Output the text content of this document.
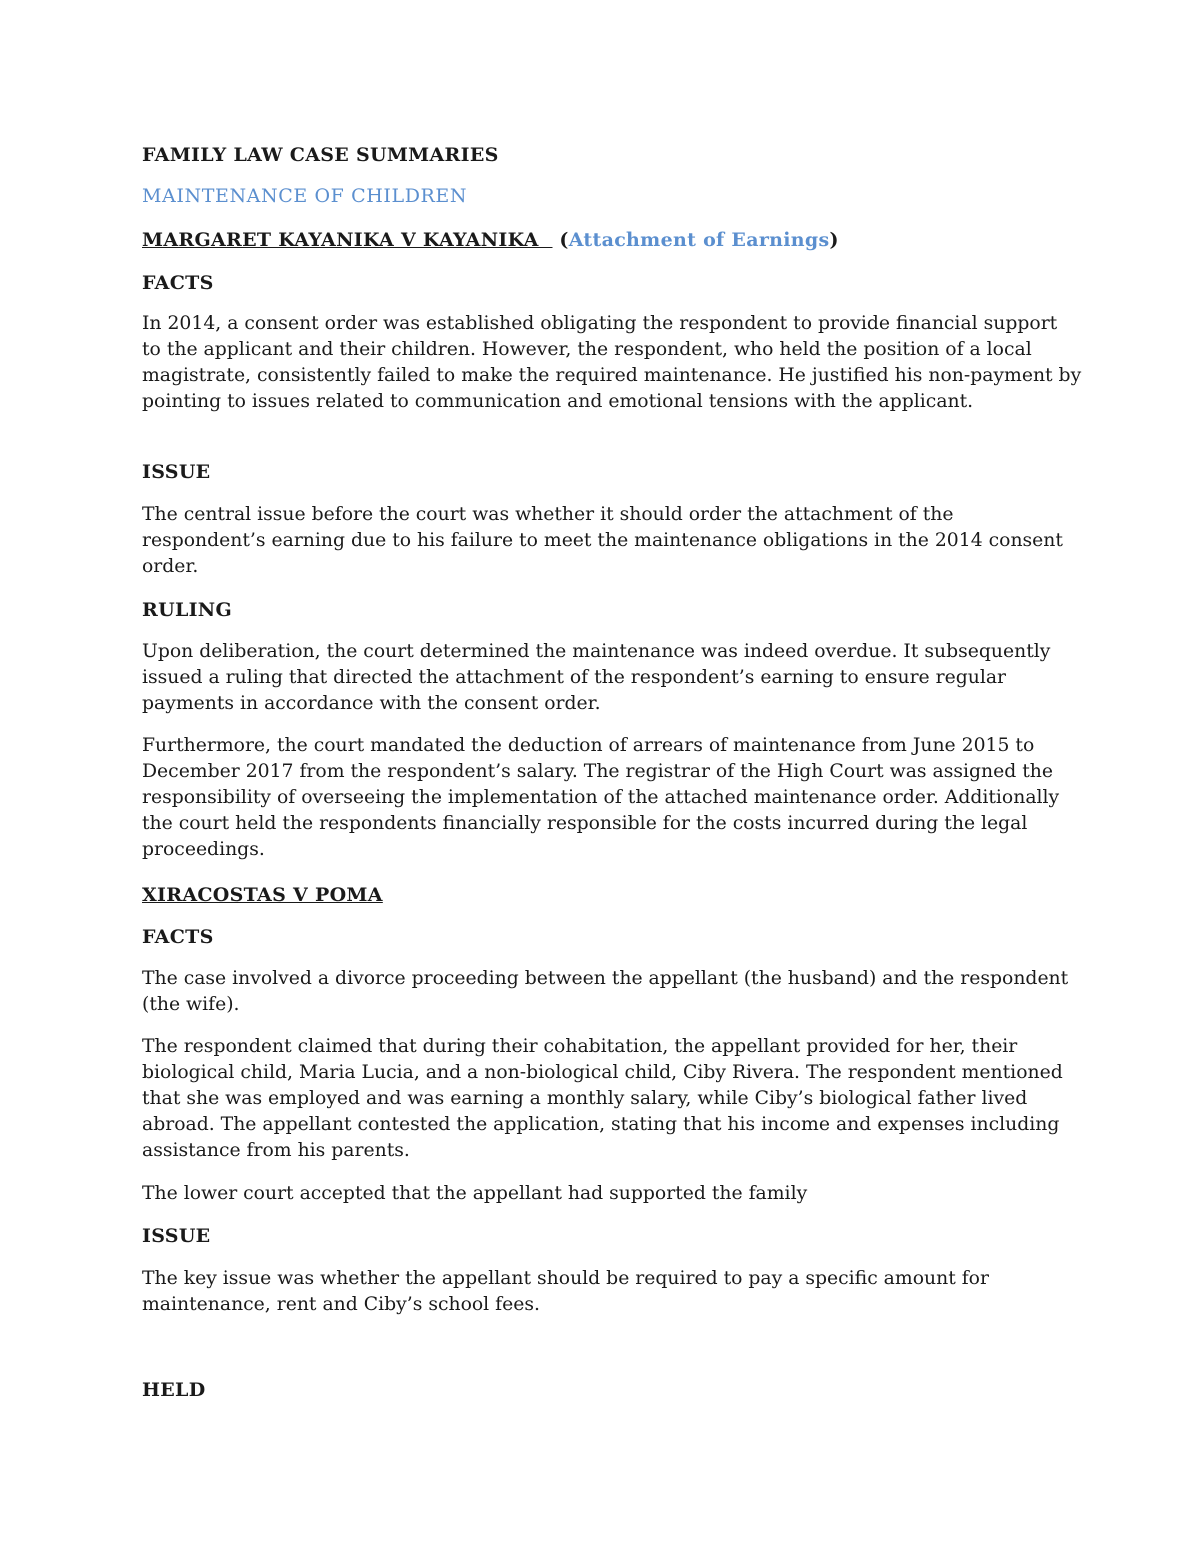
FAMILY LAW CASE SUMMARIES
MAINTENANCE OF CHILDREN
MARGARET KAYANIKA V KAYANIKA   (Attachment of Earnings)
FACTS

In 2014, a consent order was established obligating the respondent to provide financial support to the applicant and their children. However, the respondent, who held the position of a local magistrate, consistently failed to make the required maintenance. He justified his non-payment by pointing to issues related to communication and emotional tensions with the applicant.

ISSUE

The central issue before the court was whether it should order the attachment of the respondent’s earning due to his failure to meet the maintenance obligations in the 2014 consent order.

RULING

Upon deliberation, the court determined the maintenance was indeed overdue. It subsequently issued a ruling that directed the attachment of the respondent’s earning to ensure regular payments in accordance with the consent order.

Furthermore, the court mandated the deduction of arrears of maintenance from June 2015 to December 2017 from the respondent’s salary. The registrar of the High Court was assigned the responsibility of overseeing the implementation of the attached maintenance order. Additionally the court held the respondents financially responsible for the costs incurred during the legal proceedings.

XIRACOSTAS V POMA
FACTS

The case involved a divorce proceeding between the appellant (the husband) and the respondent (the wife).

The respondent claimed that during their cohabitation, the appellant provided for her, their biological child, Maria Lucia, and a non-biological child, Ciby Rivera. The respondent mentioned that she was employed and was earning a monthly salary, while Ciby’s biological father lived abroad. The appellant contested the application, stating that his income and expenses including assistance from his parents.

The lower court accepted that the appellant had supported the family

ISSUE

The key issue was whether the appellant should be required to pay a specific amount for maintenance, rent and Ciby’s school fees.

HELD
